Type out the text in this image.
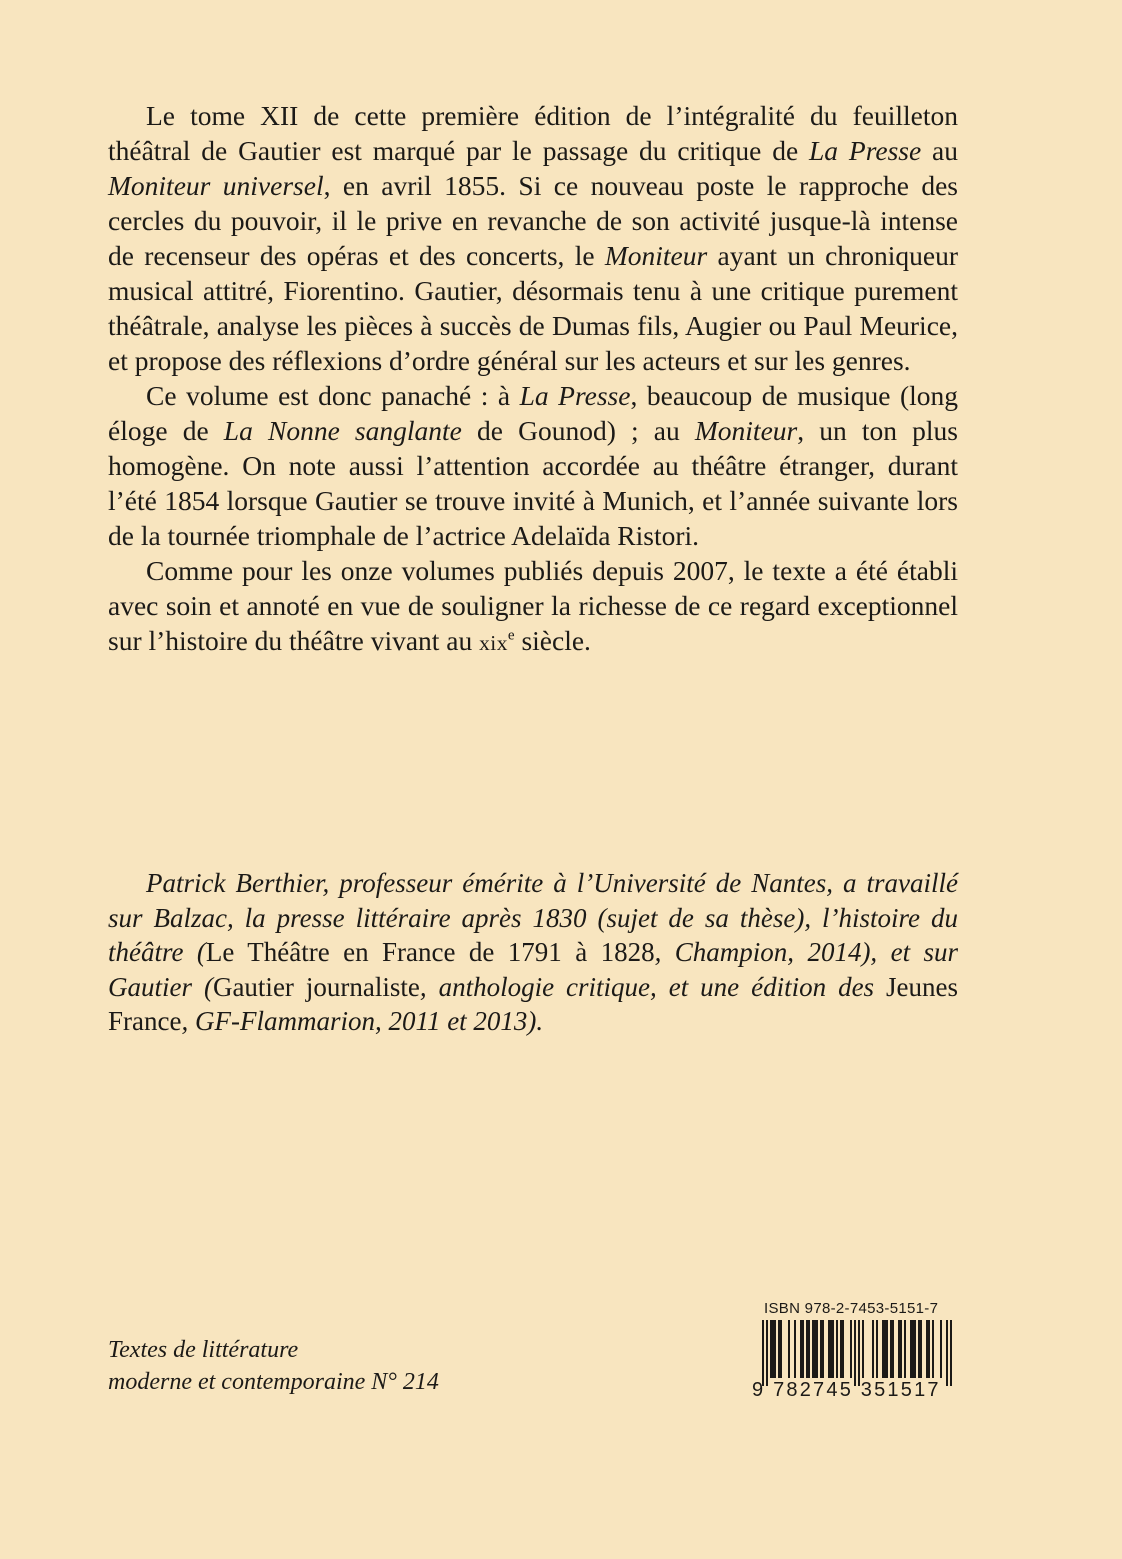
Le tome XII de cette première édition de l’intégralité du feuilleton théâtral de Gautier est marqué par le passage du critique de La Presse au Moniteur universel, en avril 1855. Si ce nouveau poste le rapproche des cercles du pouvoir, il le prive en revanche de son activité jusque-là intense de recenseur des opéras et des concerts, le Moniteur ayant un chroniqueur musical attitré, Fiorentino. Gautier, désormais tenu à une critique purement théâtrale, analyse les pièces à succès de Dumas fils, Augier ou Paul Meurice, et propose des réflexions d’ordre général sur les acteurs et sur les genres.

Ce volume est donc panaché : à La Presse, beaucoup de musique (long éloge de La Nonne sanglante de Gounod) ; au Moniteur, un ton plus homogène. On note aussi l’attention accordée au théâtre étranger, durant l’été 1854 lorsque Gautier se trouve invité à Munich, et l’année suivante lors de la tournée triomphale de l’actrice Adelaïda Ristori.

Comme pour les onze volumes publiés depuis 2007, le texte a été établi avec soin et annoté en vue de souligner la richesse de ce regard exceptionnel sur l’histoire du théâtre vivant au xix$^e$ siècle.

Patrick Berthier, professeur émérite à l’Université de Nantes, a travaillé sur Balzac, la presse littéraire après 1830 (sujet de sa thèse), l’histoire du théâtre (Le Théâtre en France de 1791 à 1828, Champion, 2014), et sur Gautier (Gautier journaliste, anthologie critique, et une édition des Jeunes France, GF-Flammarion, 2011 et 2013).

Textes de littérature
moderne et contemporaine N° 214
ISBN 978-2-7453-5151-7
9 782745 351517
